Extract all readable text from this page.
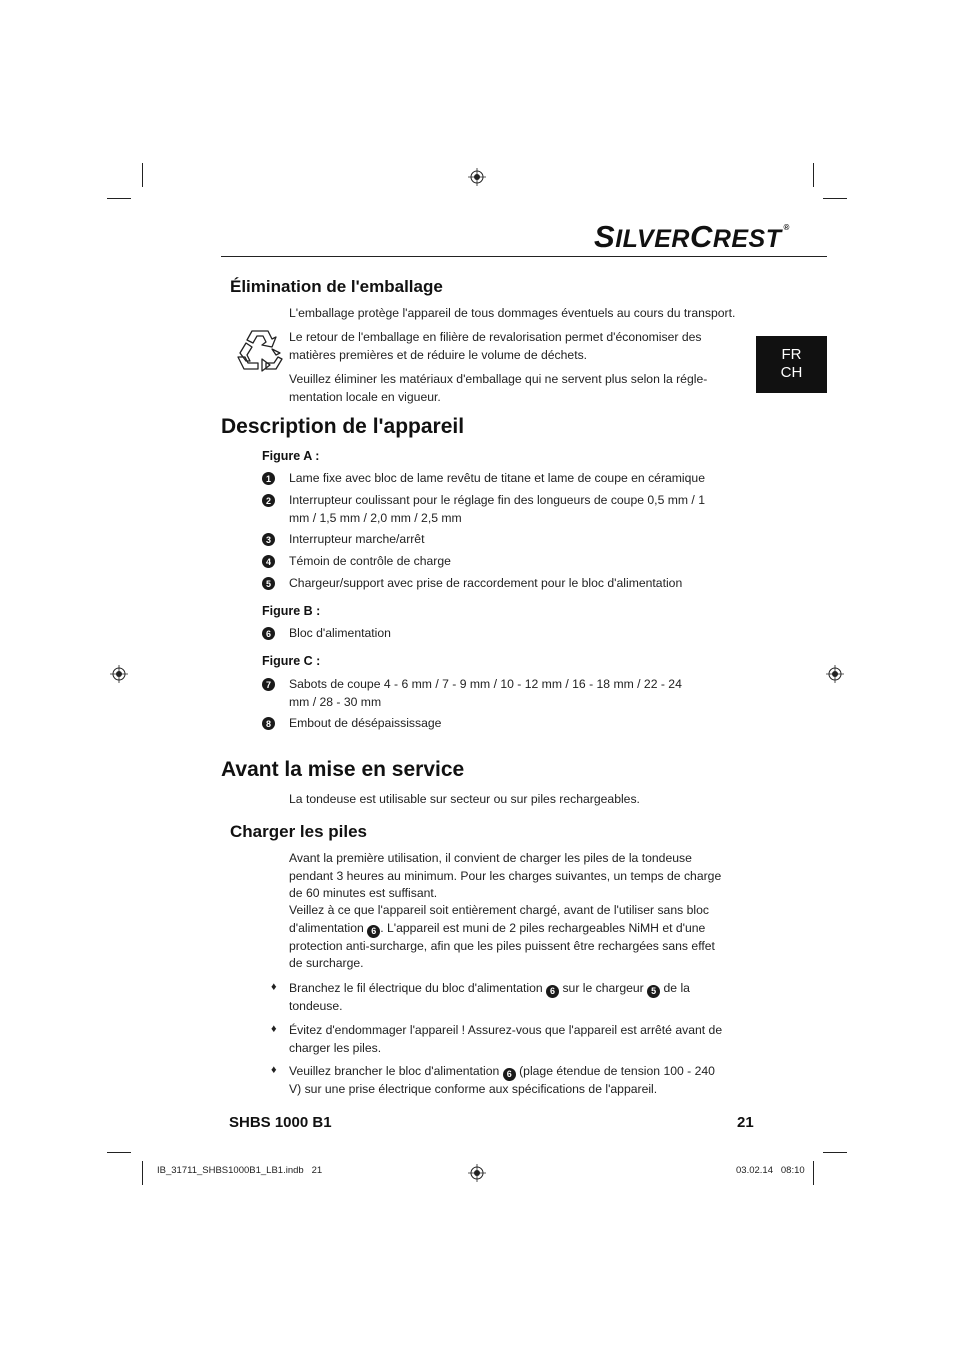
SILVERCREST ®
FR
CH
Élimination de l'emballage
L'emballage protège l'appareil de tous dommages éventuels au cours du transport.
Le retour de l'emballage en filière de revalorisation permet d'économiser des matières premières et de réduire le volume de déchets.
Veuillez éliminer les matériaux d'emballage qui ne servent plus selon la régle-mentation locale en vigueur.
Description de l'appareil
Figure A :
1	Lame fixe avec bloc de lame revêtu de titane et lame de coupe en céramique
2	Interrupteur coulissant pour le réglage fin des longueurs de coupe 0,5 mm / 1 mm / 1,5 mm / 2,0 mm / 2,5 mm
3	Interrupteur marche/arrêt
4	Témoin de contrôle de charge
5	Chargeur/support avec prise de raccordement pour le bloc d'alimentation
Figure B :
6	Bloc d'alimentation
Figure C :
7	Sabots de coupe 4 - 6 mm / 7 - 9 mm / 10 - 12 mm / 16 - 18 mm / 22 - 24 mm / 28 - 30 mm
8	Embout de désépaississage
Avant la mise en service
La tondeuse est utilisable sur secteur ou sur piles rechargeables.
Charger les piles
Avant la première utilisation, il convient de charger les piles de la tondeuse pendant 3 heures au minimum. Pour les charges suivantes, un temps de charge de 60 minutes est suffisant.
Veillez à ce que l'appareil soit entièrement chargé, avant de l'utiliser sans bloc d'alimentation 6 . L'appareil est muni de 2 piles rechargeables NiMH et d'une protection anti-surcharge, afin que les piles puissent être rechargées sans effet de surcharge.
♦ Branchez le fil électrique du bloc d'alimentation 6 sur le chargeur 5 de la tondeuse.
♦ Évitez d'endommager l'appareil ! Assurez-vous que l'appareil est arrêté avant de charger les piles.
♦ Veuillez brancher le bloc d'alimentation 6 (plage étendue de tension 100 - 240 V) sur une prise électrique conforme aux spécifications de l'appareil.
SHBS 1000 B1	21
IB_31711_SHBS1000B1_LB1.indb   21	03.02.14   08:10
